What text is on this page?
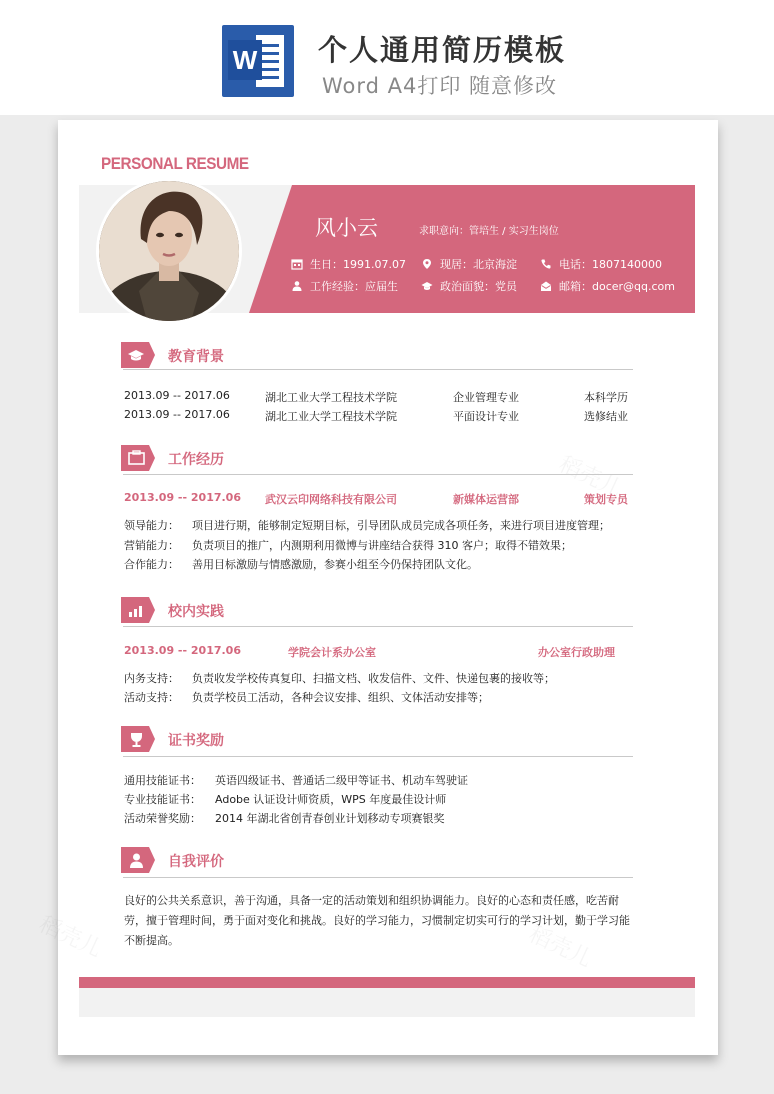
W 个人通用简历模板
Word A4打印 随意修改
PERSONAL RESUME
风小云	求职意向：管培生 / 实习生岗位
生日：1991.07.07	现居：北京海淀	电话：1807140000
工作经验：应届生	政治面貌：党员	邮箱：docer@qq.com
教育背景
2013.09 -- 2017.06	湖北工业大学工程技术学院	企业管理专业	本科学历
2013.09 -- 2017.06	湖北工业大学工程技术学院	平面设计专业	选修结业
工作经历
2013.09 -- 2017.06 武汉云印网络科技有限公司	新媒体运营部	策划专员
领导能力： 项目进行期，能够制定短期目标，引导团队成员完成各项任务，来进行项目进度管理；
营销能力： 负责项目的推广，内测期利用微博与讲座结合获得 310 客户；取得不错效果；
合作能力： 善用目标激励与情感激励，参赛小组至今仍保持团队文化。
校内实践
2013.09 -- 2017.06	学院会计系办公室	办公室行政助理
内务支持： 负责收发学校传真复印、扫描文档、收发信件、文件、快递包裹的接收等；
活动支持： 负责学校员工活动，各种会议安排、组织、文体活动安排等；
证书奖励
通用技能证书： 英语四级证书、普通话二级甲等证书、机动车驾驶证
专业技能证书： Adobe 认证设计师资质，WPS 年度最佳设计师
活动荣誉奖励： 2014 年湖北省创青春创业计划移动专项赛银奖
自我评价
良好的公共关系意识，善于沟通，具备一定的活动策划和组织协调能力。良好的心态和责任感，吃苦耐劳，擅于管理时间，勇于面对变化和挑战。良好的学习能力，习惯制定切实可行的学习计划，勤于学习能不断提高。
